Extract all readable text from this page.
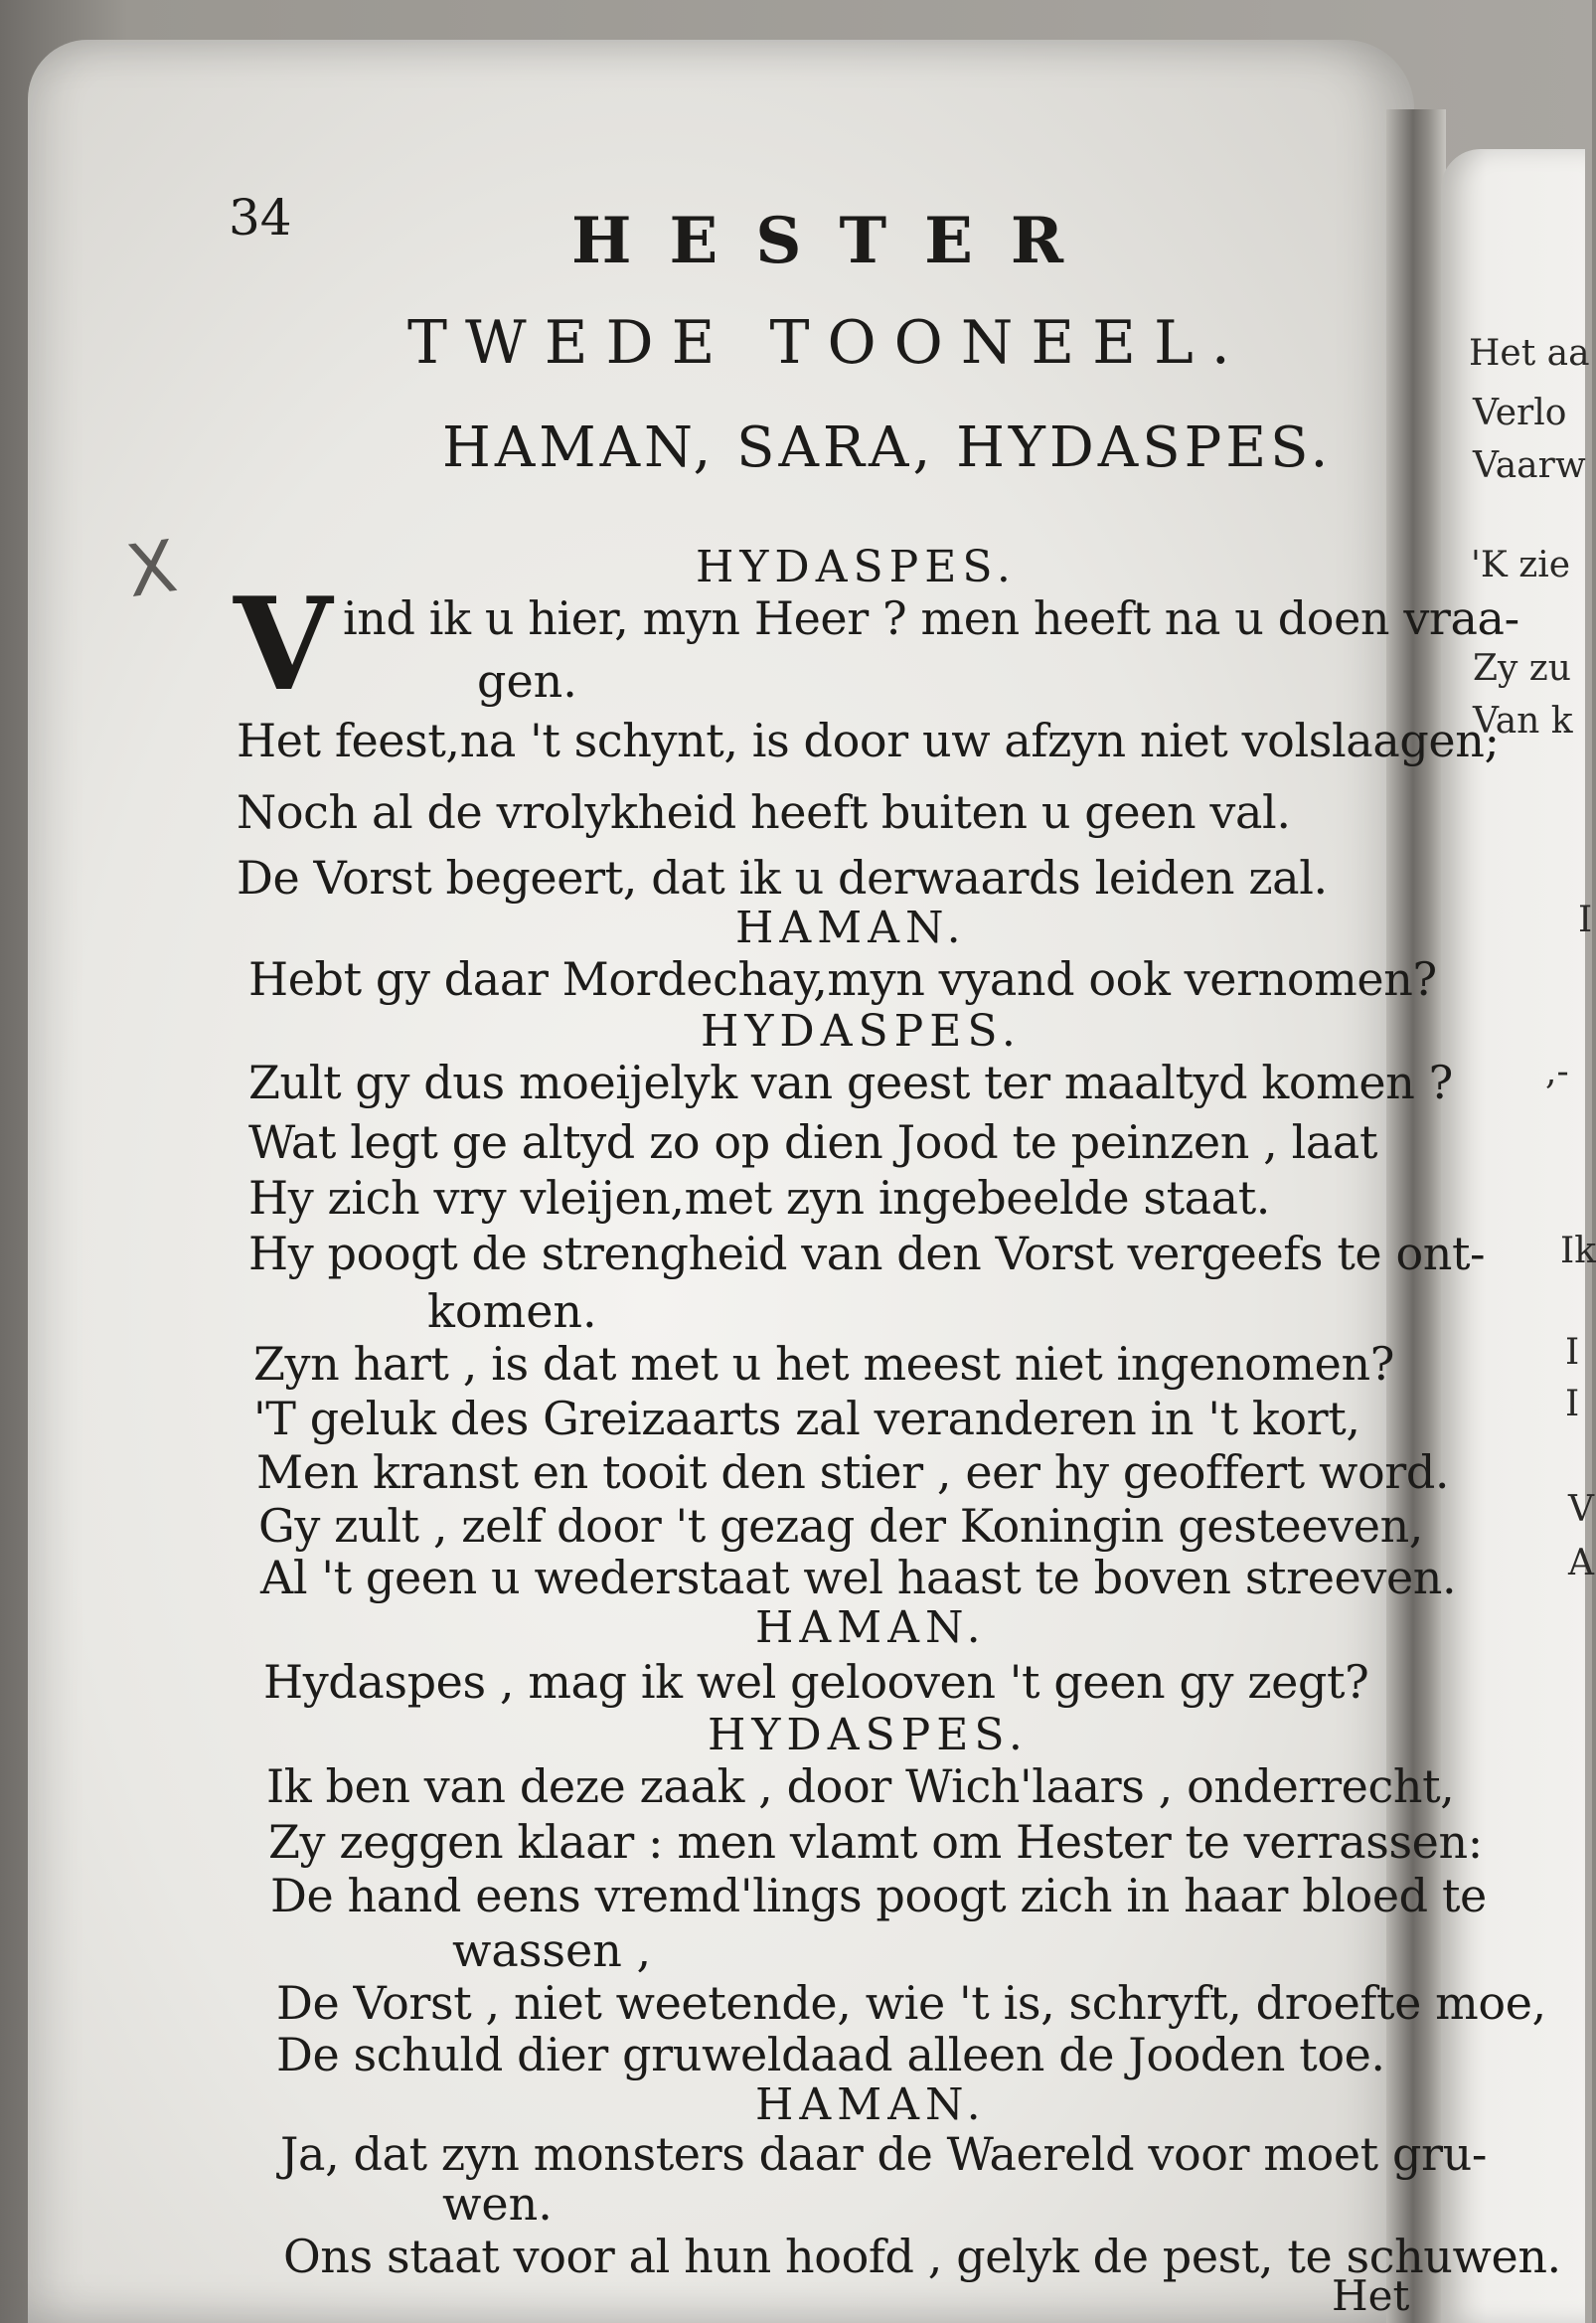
34	HESTER
TWEDE TOONEEL.
HAMAN, SARA, HYDASPES.
X	HYDASPES.
V ind ik u hier, myn Heer ? men heeft na u doen vraa-
gen.
Het feest,na 't schynt, is door uw afzyn niet volslaagen;
Noch al de vrolykheid heeft buiten u geen val.
De Vorst begeert, dat ik u derwaards leiden zal.
HAMAN.
Hebt gy daar Mordechay,myn vyand ook vernomen?
HYDASPES.
Zult gy dus moeijelyk van geest ter maaltyd komen ?
Wat legt ge altyd zo op dien Jood te peinzen , laat
Hy zich vry vleijen,met zyn ingebeelde staat.
Hy poogt de strengheid van den Vorst vergeefs te ont-
komen.
Zyn hart , is dat met u het meest niet ingenomen?
'T geluk des Greizaarts zal veranderen in 't kort,
Men kranst en tooit den stier , eer hy geoffert word.
Gy zult , zelf door 't gezag der Koningin gesteeven,
Al 't geen u wederstaat wel haast te boven streeven.
HAMAN.
Hydaspes , mag ik wel gelooven 't geen gy zegt?
HYDASPES.
Ik ben van deze zaak , door Wich'laars , onderrecht,
Zy zeggen klaar : men vlamt om Hester te verrassen:
De hand eens vremd'lings poogt zich in haar bloed te
wassen ,
De Vorst , niet weetende, wie 't is, schryft, droefte moe,
De schuld dier gruweldaad alleen de Jooden toe.
HAMAN.
Ja, dat zyn monsters daar de Waereld voor moet gru-
wen.
Ons staat voor al hun hoofd , gelyk de pest, te schuwen.
Het
Het aa
Verlo
Vaarw
'K zie
Zy zu
Van k
I
,-
Ik
I
I
V
A
